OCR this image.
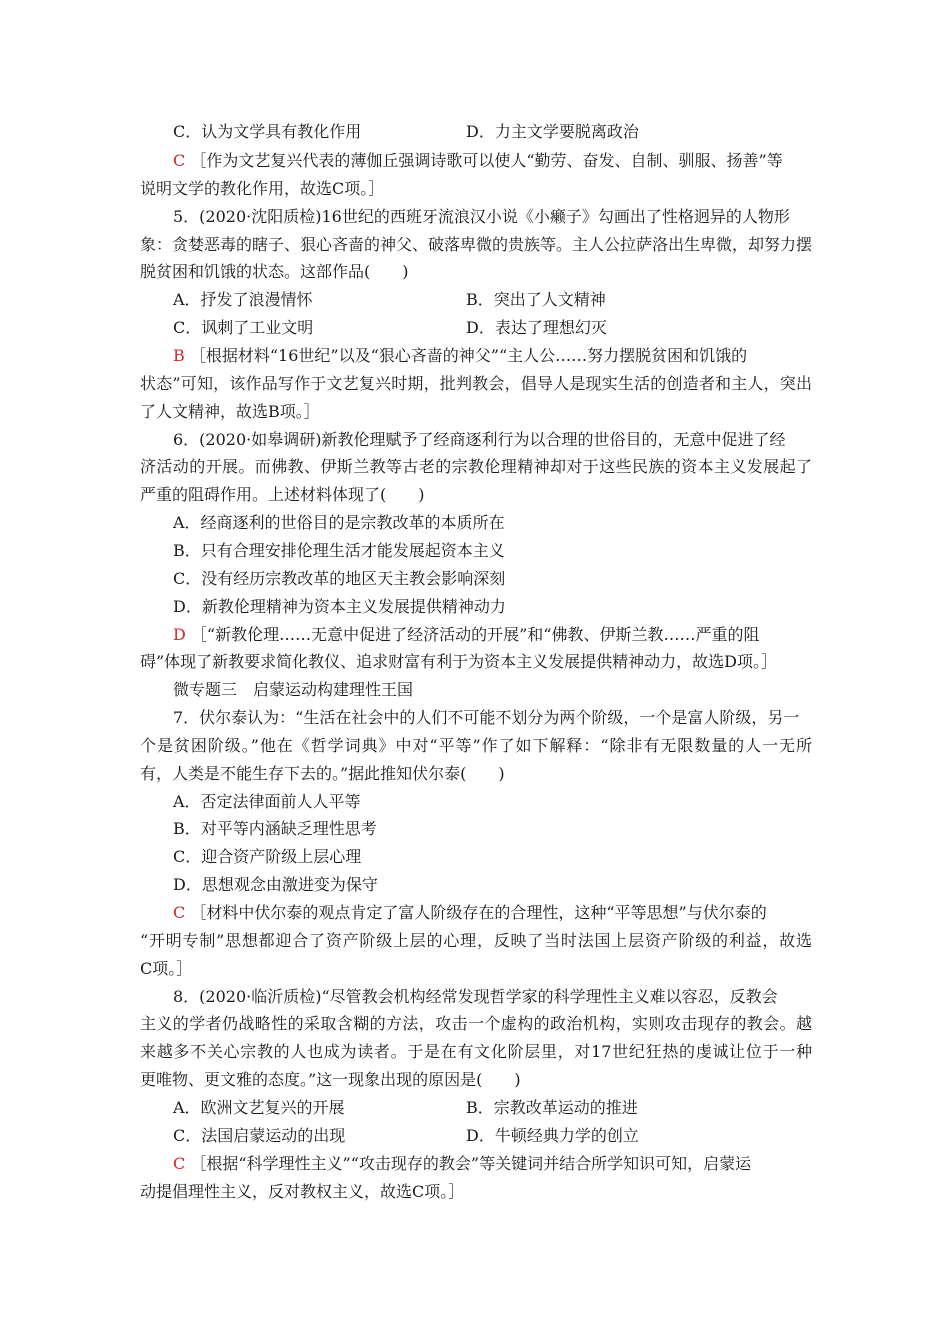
C．认为文学具有教化作用	D．力主文学要脱离政治
C ［作为文艺复兴代表的薄伽丘强调诗歌可以使人“勤劳、奋发、自制、驯服、扬善”等
说明文学的教化作用，故选C项。］
5．(2020·沈阳质检)16世纪的西班牙流浪汉小说《小癞子》勾画出了性格迥异的人物形
象：贪婪恶毒的瞎子、狠心吝啬的神父、破落卑微的贵族等。主人公拉萨洛出生卑微，却努力摆
脱贫困和饥饿的状态。这部作品(　　)
A．抒发了浪漫情怀	B．突出了人文精神
C．讽刺了工业文明	D．表达了理想幻灭
B ［根据材料“16世纪”以及“狠心吝啬的神父”“主人公……努力摆脱贫困和饥饿的
状态”可知，该作品写作于文艺复兴时期，批判教会，倡导人是现实生活的创造者和主人，突出
了人文精神，故选B项。］
6．(2020·如皋调研)新教伦理赋予了经商逐利行为以合理的世俗目的，无意中促进了经
济活动的开展。而佛教、伊斯兰教等古老的宗教伦理精神却对于这些民族的资本主义发展起了
严重的阻碍作用。上述材料体现了(　　)
A．经商逐利的世俗目的是宗教改革的本质所在
B．只有合理安排伦理生活才能发展起资本主义
C．没有经历宗教改革的地区天主教会影响深刻
D．新教伦理精神为资本主义发展提供精神动力
D ［“新教伦理……无意中促进了经济活动的开展”和“佛教、伊斯兰教……严重的阻
碍”体现了新教要求简化教仪、追求财富有利于为资本主义发展提供精神动力，故选D项。］
微专题三　启蒙运动构建理性王国
7．伏尔泰认为：“生活在社会中的人们不可能不划分为两个阶级，一个是富人阶级，另一
个是贫困阶级。”他在《哲学词典》中对“平等”作了如下解释：“除非有无限数量的人一无所
有，人类是不能生存下去的。”据此推知伏尔泰(　　)
A．否定法律面前人人平等
B．对平等内涵缺乏理性思考
C．迎合资产阶级上层心理
D．思想观念由激进变为保守
C ［材料中伏尔泰的观点肯定了富人阶级存在的合理性，这种“平等思想”与伏尔泰的
“开明专制”思想都迎合了资产阶级上层的心理，反映了当时法国上层资产阶级的利益，故选
C项。］
8．(2020·临沂质检)“尽管教会机构经常发现哲学家的科学理性主义难以容忍，反教会
主义的学者仍战略性的采取含糊的方法，攻击一个虚构的政治机构，实则攻击现存的教会。越
来越多不关心宗教的人也成为读者。于是在有文化阶层里，对17世纪狂热的虔诚让位于一种
更唯物、更文雅的态度。”这一现象出现的原因是(　　)
A．欧洲文艺复兴的开展	B．宗教改革运动的推进
C．法国启蒙运动的出现	D．牛顿经典力学的创立
C ［根据“科学理性主义”“攻击现存的教会”等关键词并结合所学知识可知，启蒙运
动提倡理性主义，反对教权主义，故选C项。］
